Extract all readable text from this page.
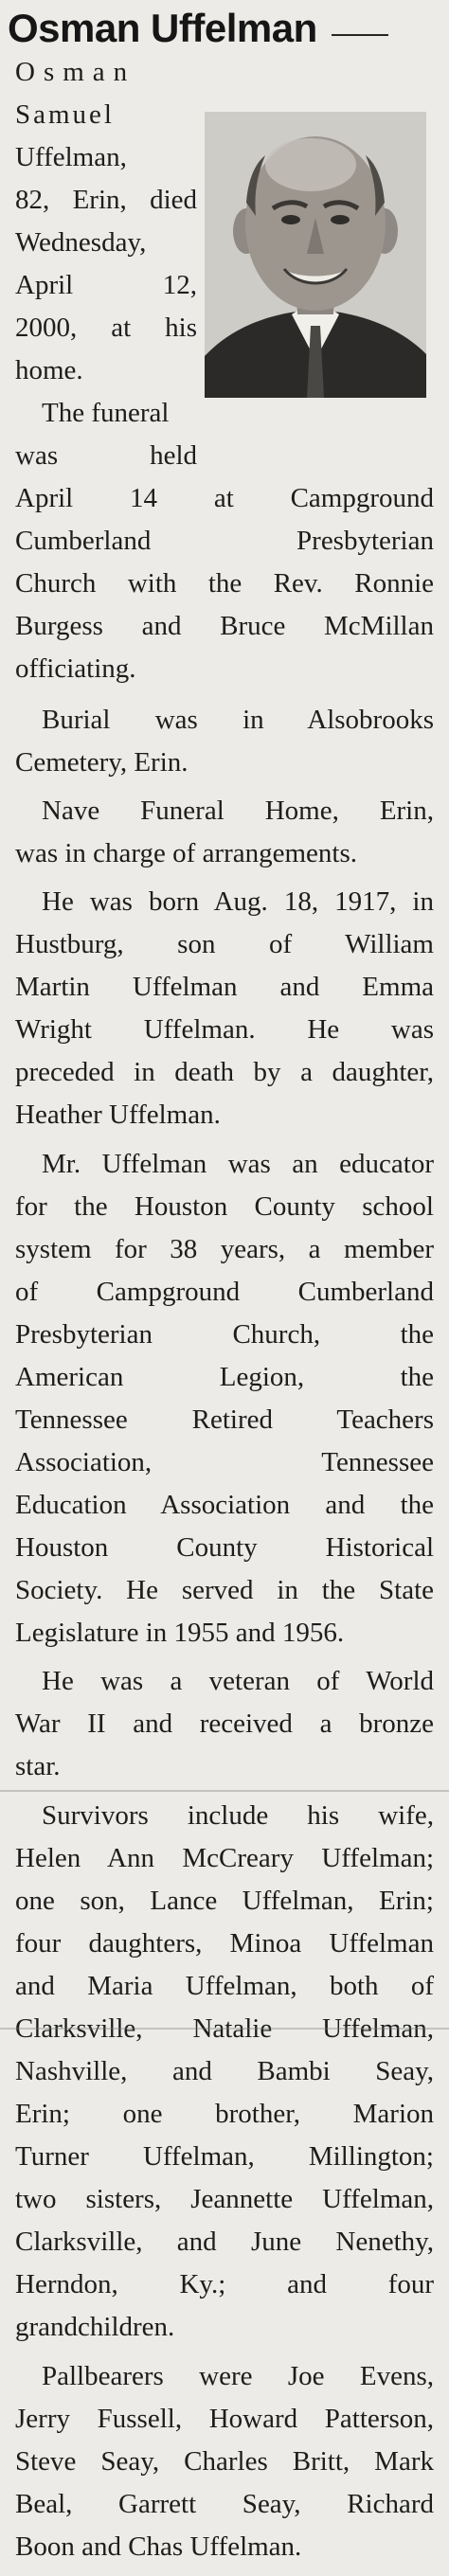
Osman Uffelman

Osman

Samuel

Uffelman,

82, Erin, died

Wednesday,

April 12,

2000, at his

home.

The funeral

was held

April 14 at Campground

Cumberland Presbyterian

Church with the Rev. Ronnie

Burgess and Bruce McMillan

officiating.

Burial was in Alsobrooks

Cemetery, Erin.

Nave Funeral Home, Erin,

was in charge of arrangements.

He was born Aug. 18, 1917, in

Hustburg, son of William

Martin Uffelman and Emma

Wright Uffelman. He was

preceded in death by a daughter,

Heather Uffelman.

Mr. Uffelman was an educator

for the Houston County school

system for 38 years, a member

of Campground Cumberland

Presbyterian Church, the

American Legion, the

Tennessee Retired Teachers

Association, Tennessee

Education Association and the

Houston County Historical

Society. He served in the State

Legislature in 1955 and 1956.

He was a veteran of World

War II and received a bronze

star.

Survivors include his wife,

Helen Ann McCreary Uffelman;

one son, Lance Uffelman, Erin;

four daughters, Minoa Uffelman

and Maria Uffelman, both of

Clarksville, Natalie Uffelman,

Nashville, and Bambi Seay,

Erin; one brother, Marion

Turner Uffelman, Millington;

two sisters, Jeannette Uffelman,

Clarksville, and June Nenethy,

Herndon, Ky.; and four

grandchildren.

Pallbearers were Joe Evens,

Jerry Fussell, Howard Patterson,

Steve Seay, Charles Britt, Mark

Beal, Garrett Seay, Richard

Boon and Chas Uffelman.
